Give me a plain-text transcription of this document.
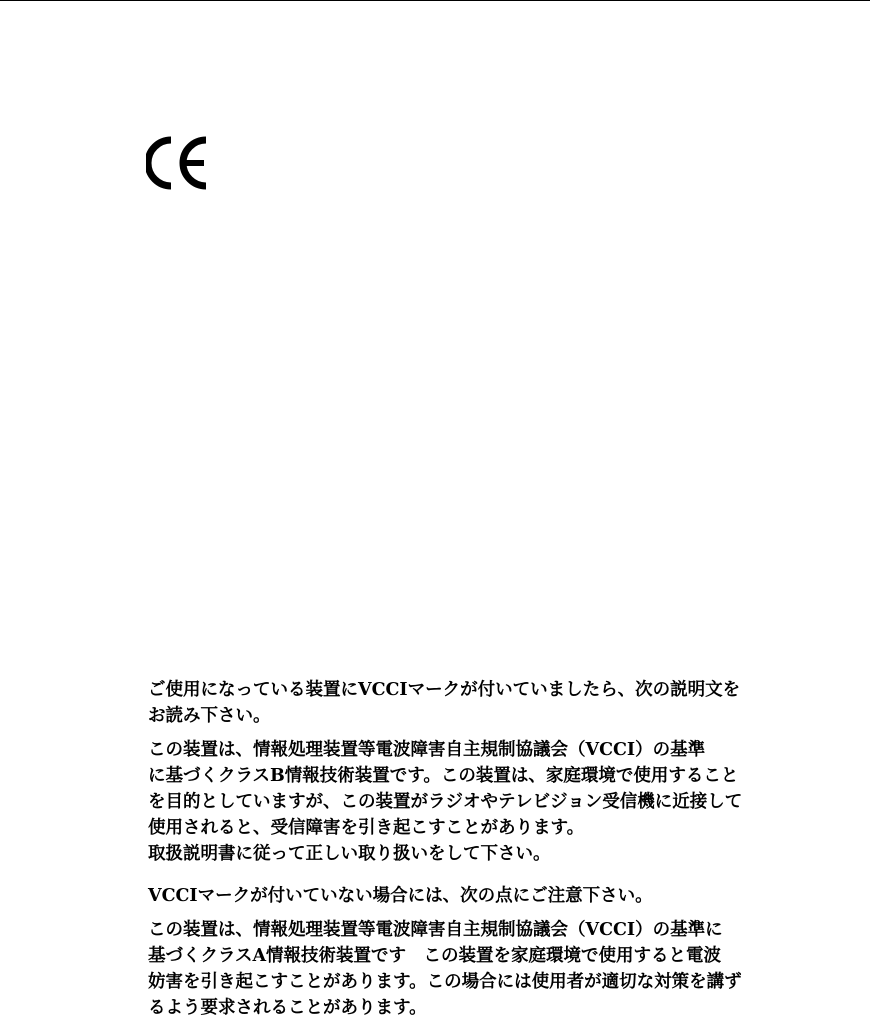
ご使用になっている装置にVCCIマークが付いていましたら、次の説明文を

お読み下さい。

この装置は、情報処理装置等電波障害自主規制協議会（VCCI）の基準

に基づくクラスB情報技術装置です。この装置は、家庭環境で使用すること

を目的としていますが、この装置がラジオやテレビジョン受信機に近接して

使用されると、受信障害を引き起こすことがあります。

取扱説明書に従って正しい取り扱いをして下さい。

VCCIマークが付いていない場合には、次の点にご注意下さい。

この装置は、情報処理装置等電波障害自主規制協議会（VCCI）の基準に

基づくクラスA情報技術装置です　この装置を家庭環境で使用すると電波

妨害を引き起こすことがあります。この場合には使用者が適切な対策を講ず

るよう要求されることがあります。
